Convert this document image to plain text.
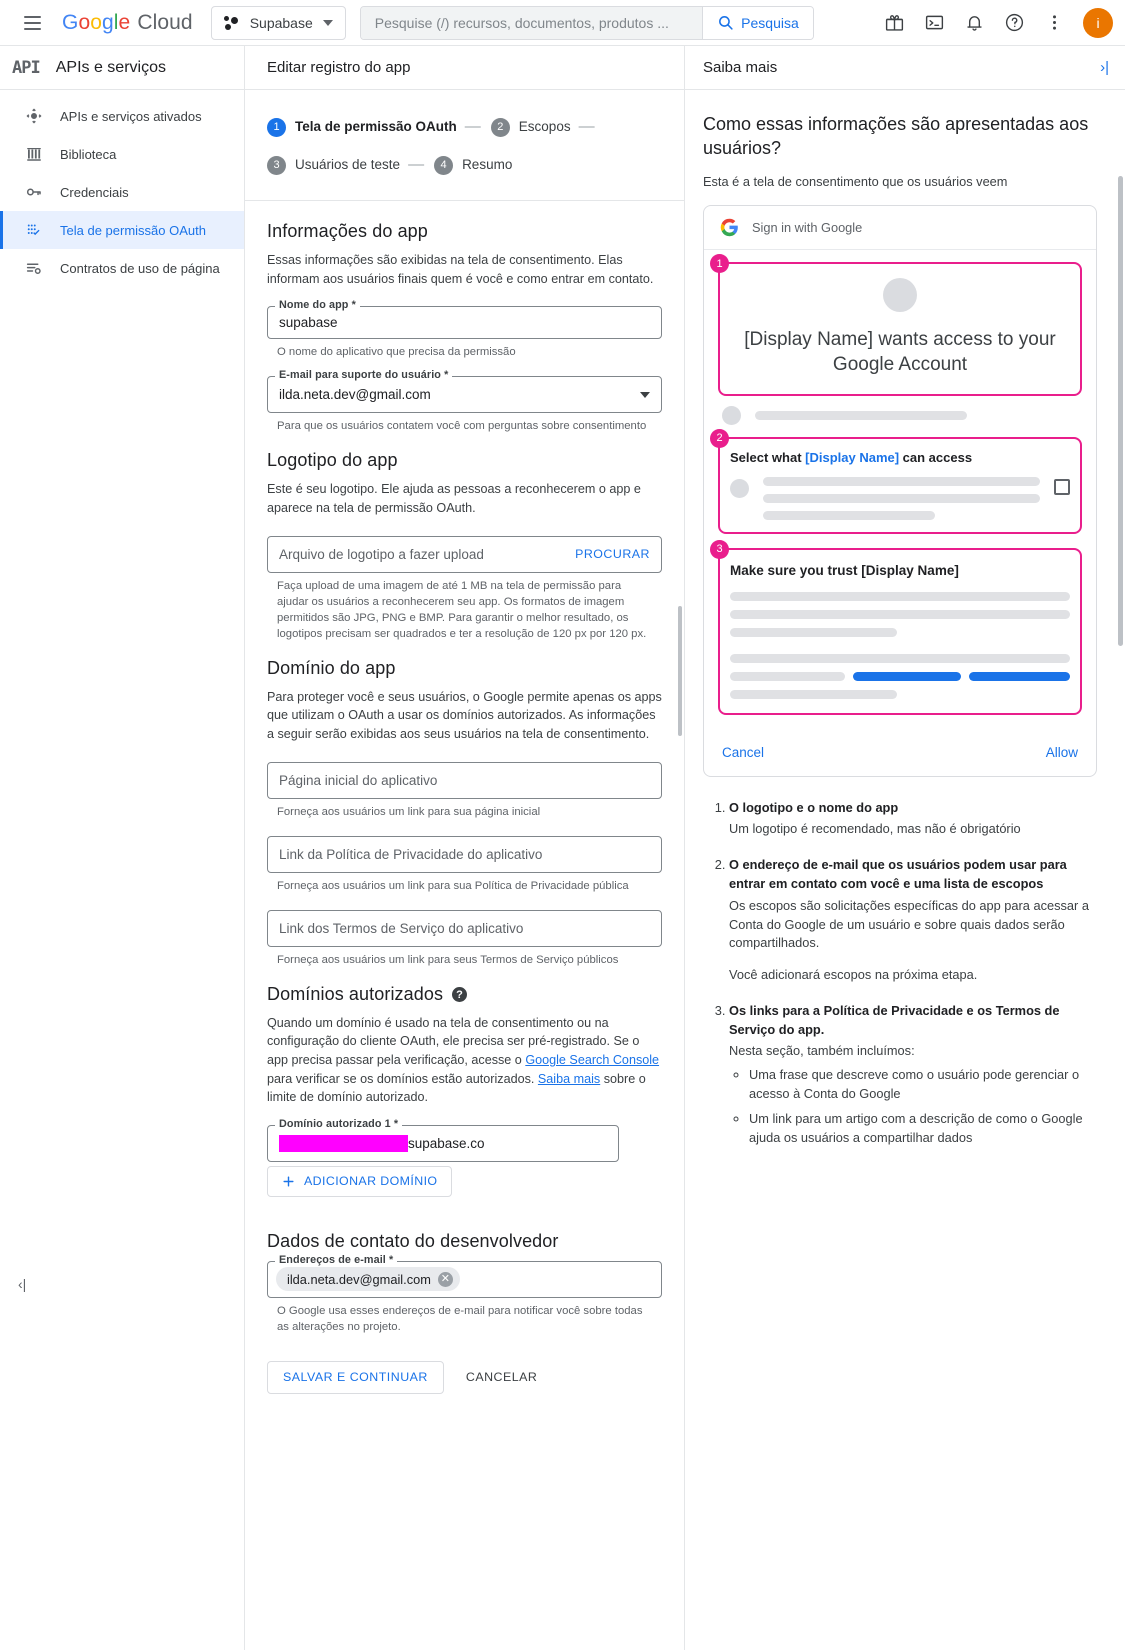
G o o g l e Cloud	Supabase
Pesquise (/) recursos, documentos, produtos ...	Pesquisa	i
API APIs e serviços
APIs e serviços ativados
Biblioteca
Credenciais
Tela de permissão OAuth
Contratos de uso de página
‹|
Editar registro do app
1	Tela de permissão OAuth —	2	Escopos —
3	Usuários de teste —	4	Resumo
Informações do app

Essas informações são exibidas na tela de consentimento. Elas informam aos usuários finais quem é você e como entrar em contato.

Nome do app *
supabase
O nome do aplicativo que precisa da permissão
E-mail para suporte do usuário *
ilda.neta.dev@gmail.com
Para que os usuários contatem você com perguntas sobre consentimento
Logotipo do app

Este é seu logotipo. Ele ajuda as pessoas a reconhecerem o app e aparece na tela de permissão OAuth.

Arquivo de logotipo a fazer upload	PROCURAR
Faça upload de uma imagem de até 1 MB na tela de permissão para ajudar os usuários a reconhecerem seu app. Os formatos de imagem permitidos são JPG, PNG e BMP. Para garantir o melhor resultado, os logotipos precisam ser quadrados e ter a resolução de 120 px por 120 px.
Domínio do app

Para proteger você e seus usuários, o Google permite apenas os apps que utilizam o OAuth a usar os domínios autorizados. As informações a seguir serão exibidas aos seus usuários na tela de consentimento.

Página inicial do aplicativo
Forneça aos usuários um link para sua página inicial
Link da Política de Privacidade do aplicativo
Forneça aos usuários um link para sua Política de Privacidade pública
Link dos Termos de Serviço do aplicativo
Forneça aos usuários um link para seus Termos de Serviço públicos
Domínios autorizados ?

Quando um domínio é usado na tela de consentimento ou na configuração do cliente OAuth, ele precisa ser pré-registrado. Se o app precisa passar pela verificação, acesse o Google Search Console para verificar se os domínios estão autorizados. Saiba mais sobre o limite de domínio autorizado.

Domínio autorizado 1 *
supabase.co
ADICIONAR DOMÍNIO
Dados de contato do desenvolvedor
Endereços de e-mail *
ilda.neta.dev@gmail.com ✕
O Google usa esses endereços de e-mail para notificar você sobre todas as alterações no projeto.
SALVAR E CONTINUAR	CANCELAR
Saiba mais	›|
Como essas informações são apresentadas aos usuários?

Esta é a tela de consentimento que os usuários veem

Sign in with Google
1
[Display Name] wants access to your Google Account
2
Select what [Display Name] can access
3
Make sure you trust [Display Name]
Cancel	Allow
1. O logotipo e o nome do app

Um logotipo é recomendado, mas não é obrigatório

2. O endereço de e-mail que os usuários podem usar para entrar em contato com você e uma lista de escopos

Os escopos são solicitações específicas do app para acessar a Conta do Google de um usuário e sobre quais dados serão compartilhados.

Você adicionará escopos na próxima etapa.

3. Os links para a Política de Privacidade e os Termos de Serviço do app.

Nesta seção, também incluímos:

◦ Uma frase que descreve como o usuário pode gerenciar o acesso à Conta do Google
◦ Um link para um artigo com a descrição de como o Google ajuda os usuários a compartilhar dados
